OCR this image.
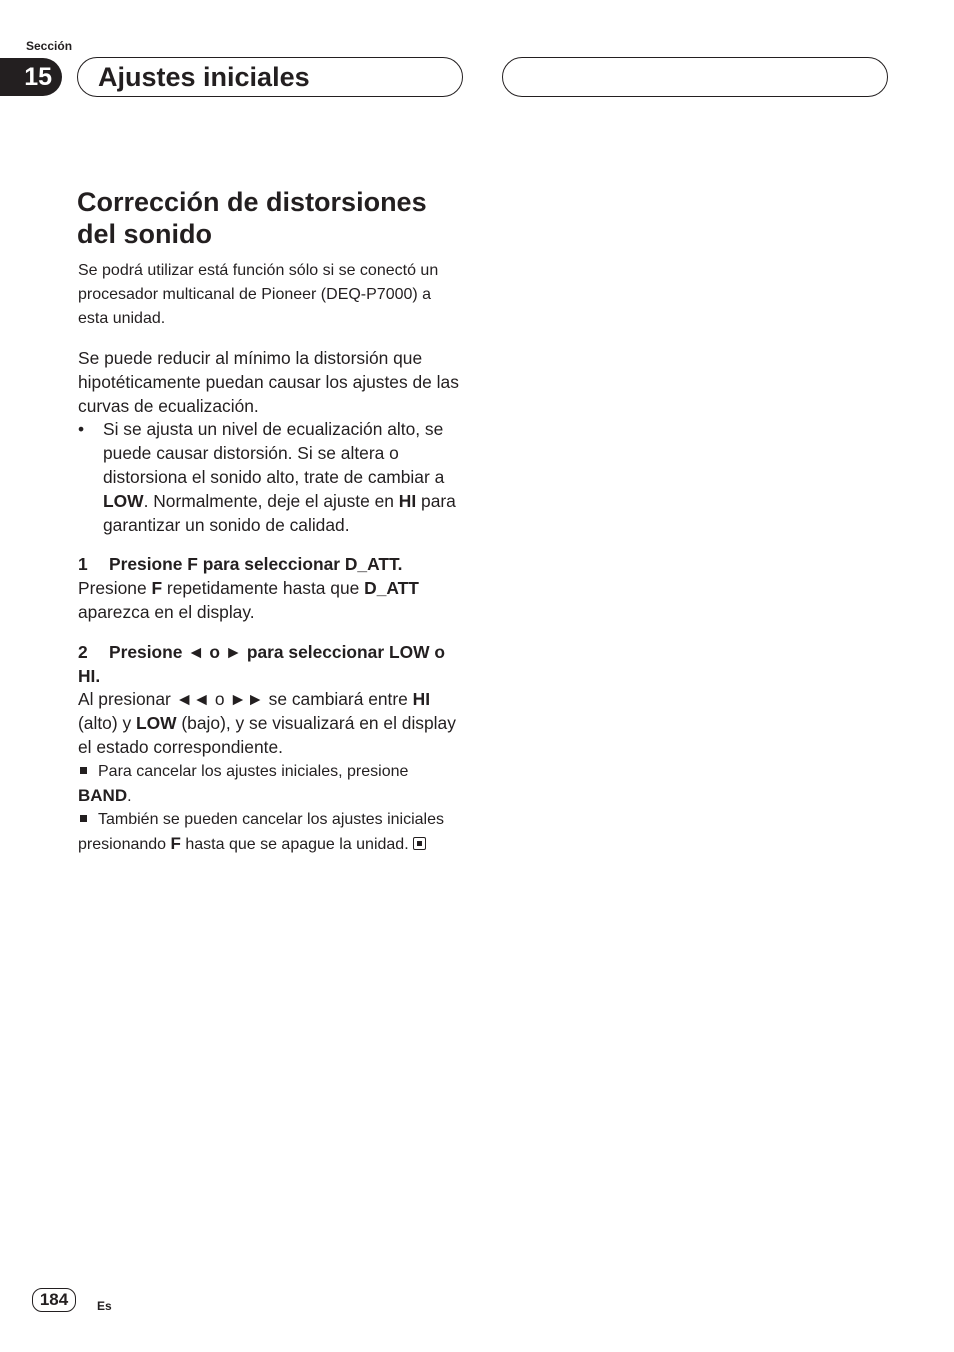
Sección
15	Ajustes iniciales
Corrección de distorsiones
del sonido

Se podrá utilizar está función sólo si se conectó un procesador multicanal de Pioneer (DEQ-P7000) a esta unidad.

Se puede reducir al mínimo la distorsión que hipotéticamente puedan causar los ajustes de las curvas de ecualización.

•	Si se ajusta un nivel de ecualización alto, se puede causar distorsión. Si se altera o distorsiona el sonido alto, trate de cambiar a LOW. Normalmente, deje el ajuste en HI para garantizar un sonido de calidad.

1 Presione F para seleccionar D_ATT.

Presione F repetidamente hasta que D_ATT aparezca en el display.

2 Presione ◄ o ► para seleccionar LOW o HI.

Al presionar ◄◄ o ►► se cambiará entre HI (alto) y LOW (bajo), y se visualizará en el display el estado correspondiente.

Para cancelar los ajustes iniciales, presione BAND.

También se pueden cancelar los ajustes iniciales presionando F hasta que se apague la unidad.

184	Es
